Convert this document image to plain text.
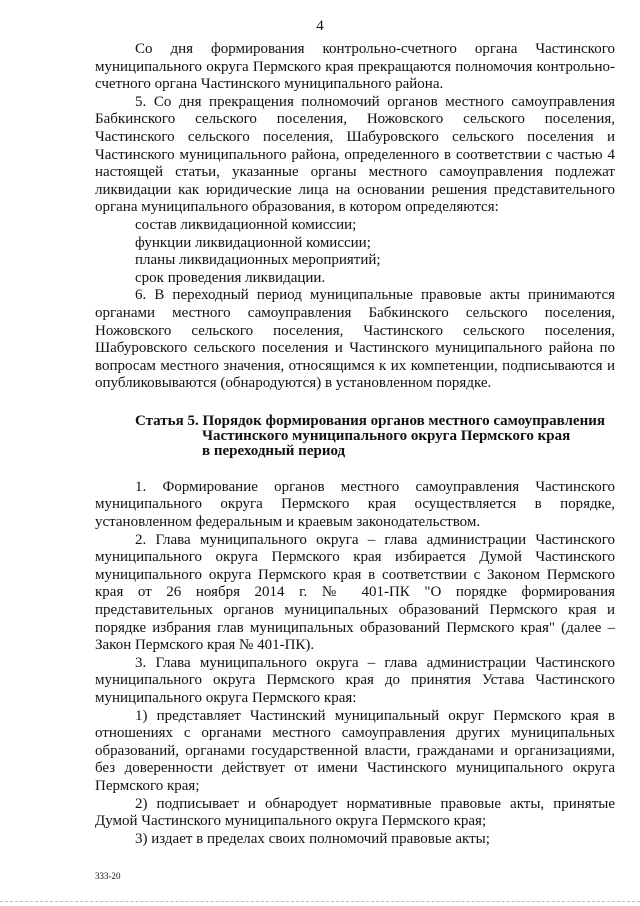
4

Со дня формирования контрольно-счетного органа Частинского муниципального округа Пермского края прекращаются полномочия контрольно-счетного органа Частинского муниципального района.

5. Со дня прекращения полномочий органов местного самоуправления Бабкинского сельского поселения, Ножовского сельского поселения, Частинского сельского поселения, Шабуровского сельского поселения и Частинского муниципального района, определенного в соответствии с частью 4 настоящей статьи, указанные органы местного самоуправления подлежат ликвидации как юридические лица на основании решения представительного органа муниципального образования, в котором определяются:

состав ликвидационной комиссии;

функции ликвидационной комиссии;

планы ликвидационных мероприятий;

срок проведения ликвидации.

6. В переходный период муниципальные правовые акты принимаются органами местного самоуправления Бабкинского сельского поселения, Ножовского сельского поселения, Частинского сельского поселения, Шабуровского сельского поселения и Частинского муниципального района по вопросам местного значения, относящимся к их компетенции, подписываются и опубликовываются (обнародуются) в установленном порядке.

Статья 5. Порядок формирования органов местного самоуправления
Частинского муниципального округа Пермского края
в переходный период

1. Формирование органов местного самоуправления Частинского муниципального округа Пермского края осуществляется в порядке, установленном федеральным и краевым законодательством.

2. Глава муниципального округа – глава администрации Частинского муниципального округа Пермского края избирается Думой Частинского муниципального округа Пермского края в соответствии с Законом Пермского края от 26 ноября 2014 г. № 401-ПК "О порядке формирования представительных органов муниципальных образований Пермского края и порядке избрания глав муниципальных образований Пермского края" (далее – Закон Пермского края № 401-ПК).

3. Глава муниципального округа – глава администрации Частинского муниципального округа Пермского края до принятия Устава Частинского муниципального округа Пермского края:

1) представляет Частинский муниципальный округ Пермского края в отношениях с органами местного самоуправления других муниципальных образований, органами государственной власти, гражданами и организациями, без доверенности действует от имени Частинского муниципального округа Пермского края;

2) подписывает и обнародует нормативные правовые акты, принятые Думой Частинского муниципального округа Пермского края;

3) издает в пределах своих полномочий правовые акты;

333-20
